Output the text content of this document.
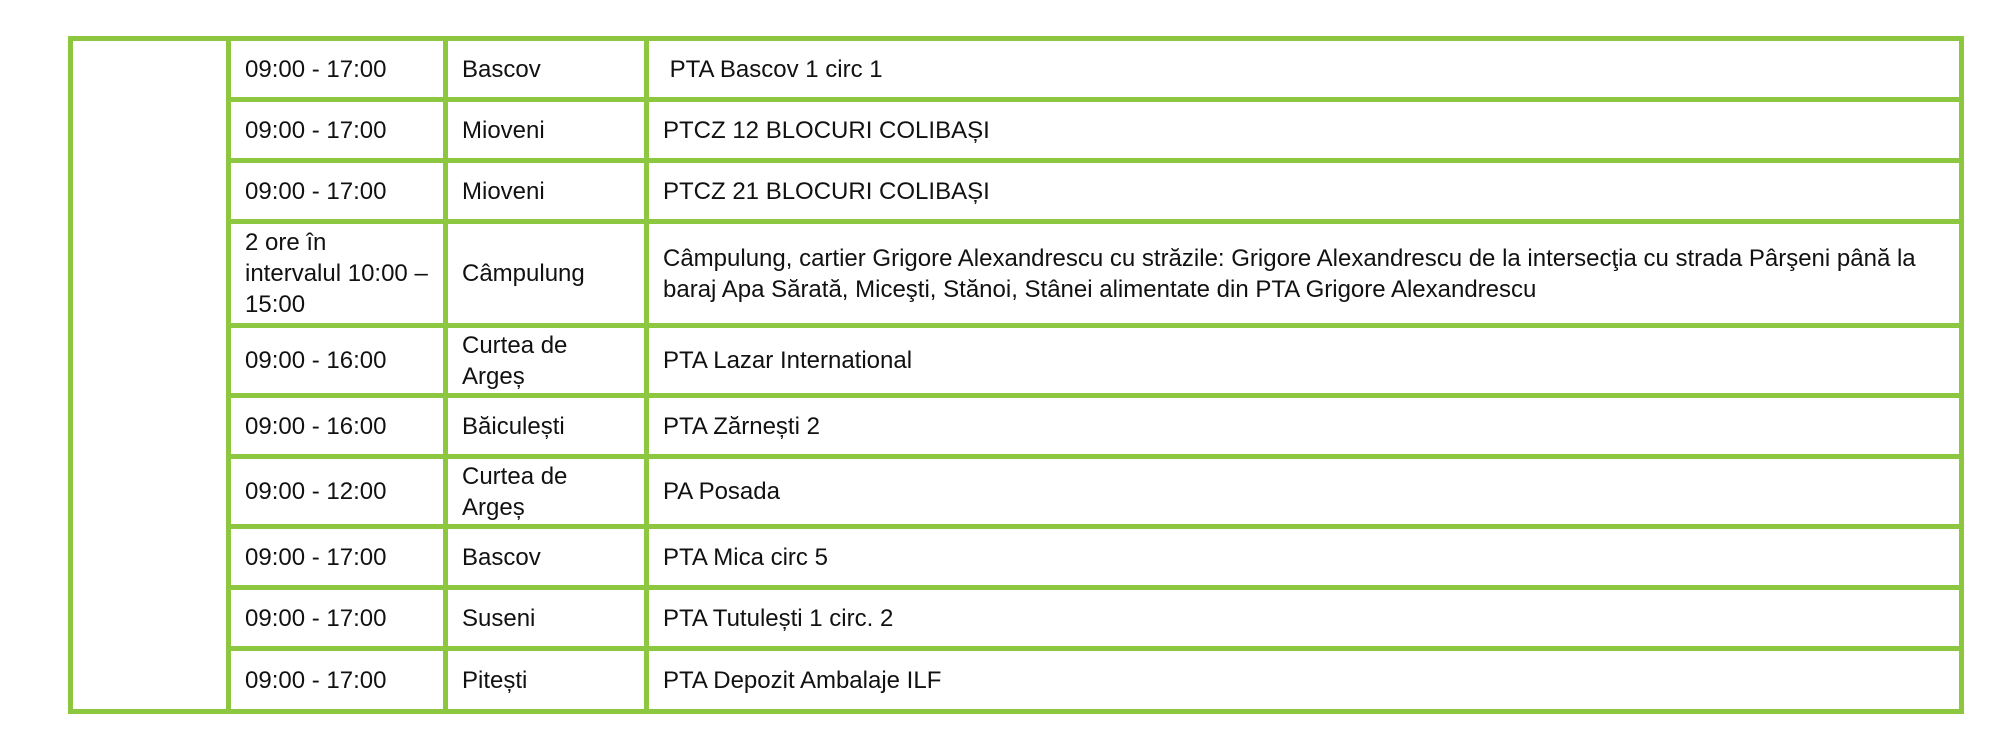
	09:00 - 17:00	Bascov	PTA Bascov 1 circ 1
	09:00 - 17:00	Mioveni	PTCZ 12 BLOCURI COLIBAȘI
	09:00 - 17:00	Mioveni	PTCZ 21 BLOCURI COLIBAȘI
	2 ore în intervalul 10:00 – 15:00	Câmpulung	Câmpulung, cartier Grigore Alexandrescu cu străzile: Grigore Alexandrescu de la intersecţia cu strada Pârşeni până la baraj Apa Sărată, Miceşti, Stănoi, Stânei alimentate din PTA Grigore Alexandrescu
	09:00 - 16:00	Curtea de Argeș	PTA Lazar International
	09:00 - 16:00	Băiculești	PTA Zărnești 2
	09:00 - 12:00	Curtea de Argeș	PA Posada
	09:00 - 17:00	Bascov	PTA Mica circ 5
	09:00 - 17:00	Suseni	PTA Tutulești 1 circ. 2
	09:00 - 17:00	Pitești	PTA Depozit Ambalaje ILF
